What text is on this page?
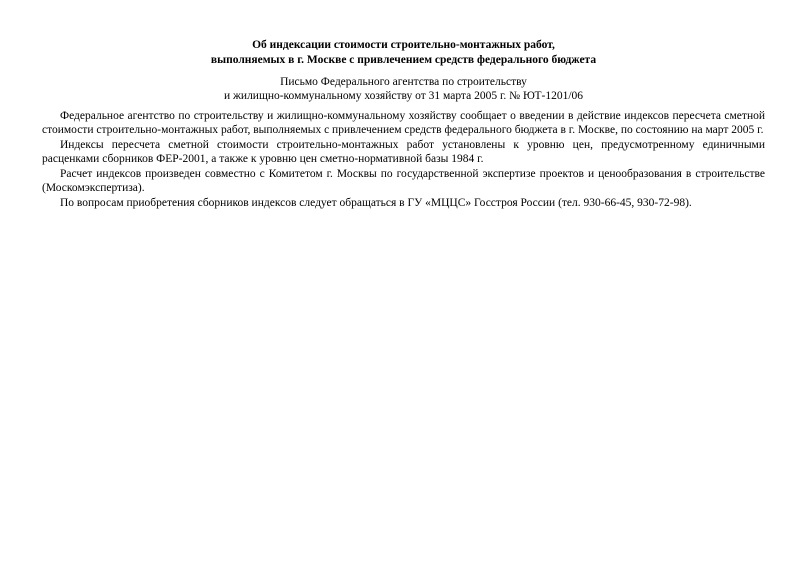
Об индексации стоимости строительно-монтажных работ,
выполняемых в г. Москве с привлечением средств федерального бюджета
Письмо Федерального агентства по строительству
и жилищно-коммунальному хозяйству от 31 марта 2005 г. № ЮТ-1201/06

Федеральное агентство по строительству и жилищно-коммунальному хозяйству сообщает о введении в действие индексов пересчета сметной стоимости строительно-монтажных работ, выполняемых с привлечением средств федерального бюджета в г. Москве, по состоянию на март 2005 г.

Индексы пересчета сметной стоимости строительно-монтажных работ установлены к уровню цен, предусмотренному единичными расценками сборников ФЕР-2001, а также к уровню цен сметно-нормативной базы 1984 г.

Расчет индексов произведен совместно с Комитетом г. Москвы по государственной экспертизе проектов и ценообразования в строительстве (Москомэкспертиза).

По вопросам приобретения сборников индексов следует обращаться в ГУ «МЦЦС» Госстроя России (тел. 930-66-45, 930-72-98).
